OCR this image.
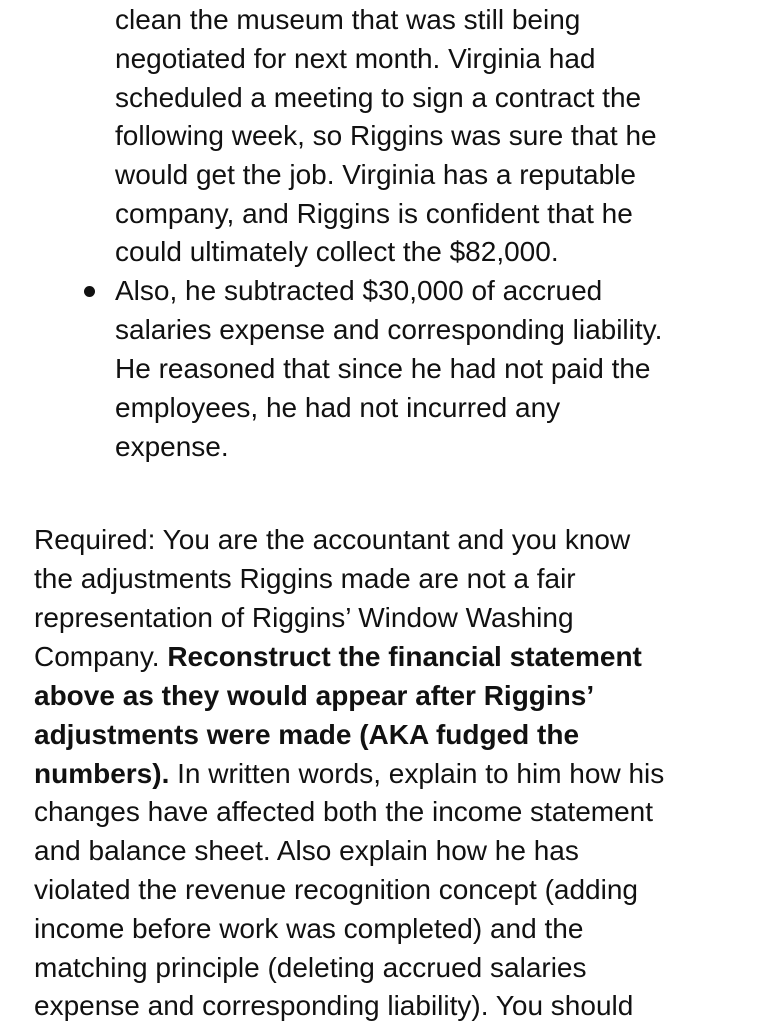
clean the museum that was still being
negotiated for next month. Virginia had
scheduled a meeting to sign a contract the
following week, so Riggins was sure that he
would get the job. Virginia has a reputable
company, and Riggins is confident that he
could ultimately collect the $82,000.
Also, he subtracted $30,000 of accrued
salaries expense and corresponding liability.
He reasoned that since he had not paid the
employees, he had not incurred any
expense.
Required: You are the accountant and you know
the adjustments Riggins made are not a fair
representation of Riggins’ Window Washing
Company. Reconstruct the financial statement
above as they would appear after Riggins’
adjustments were made (AKA fudged the
numbers). In written words, explain to him how his
changes have affected both the income statement
and balance sheet. Also explain how he has
violated the revenue recognition concept (adding
income before work was completed) and the
matching principle (deleting accrued salaries
expense and corresponding liability). You should
